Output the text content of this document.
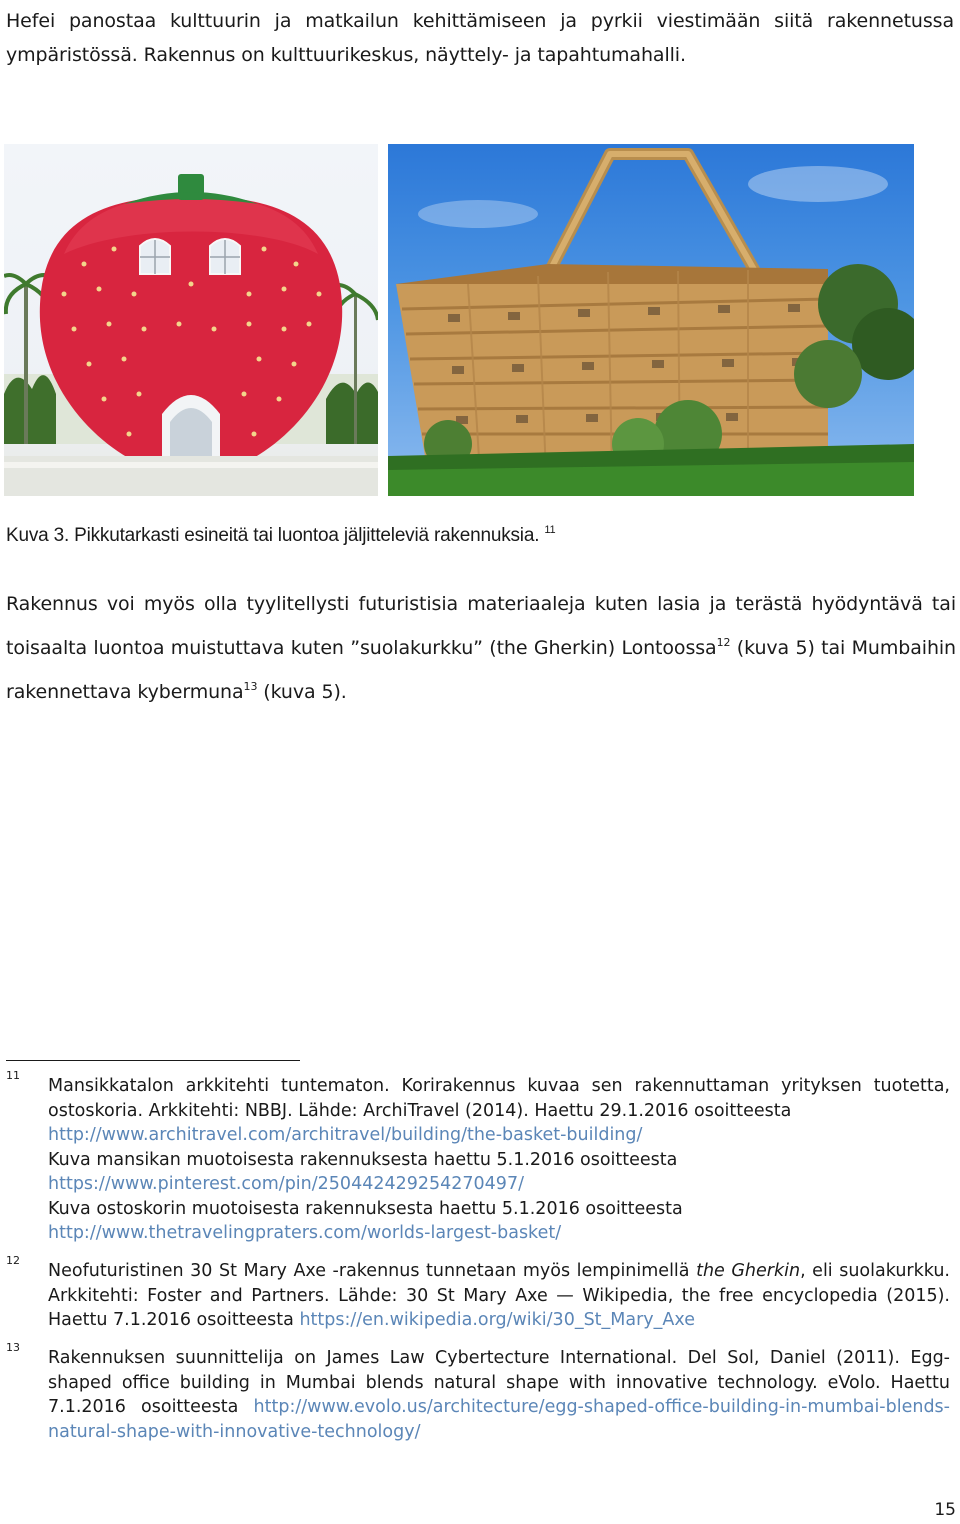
Hefei panostaa kulttuurin ja matkailun kehittämiseen ja pyrkii viestimään siitä rakennetussa ympäristössä. Rakennus on kulttuurikeskus, näyttely- ja tapahtumahalli.
Kuva 3. Pikkutarkasti esineitä tai luontoa jäljitteleviä rakennuksia. $^{11}$
Rakennus voi myös olla tyylitellysti futuristisia materiaaleja kuten lasia ja terästä hyödyntävä tai toisaalta luontoa muistuttava kuten ”suolakurkku” (the Gherkin) Lontoossa$^{12}$ (kuva 5) tai Mumbaihin rakennettava kybermuna$^{13}$ (kuva 5).
11
Mansikkatalon arkkitehti tuntematon. Korirakennus kuvaa sen rakennuttaman yrityksen tuotetta, ostoskoria. Arkkitehti: NBBJ. Lähde: ArchiTravel (2014). Haettu 29.1.2016 osoitteesta
http://www.architravel.com/architravel/building/the-basket-building/
Kuva mansikan muotoisesta rakennuksesta haettu 5.1.2016 osoitteesta
https://www.pinterest.com/pin/250442429254270497/
Kuva ostoskorin muotoisesta rakennuksesta haettu 5.1.2016 osoitteesta
http://www.thetravelingpraters.com/worlds-largest-basket/
12
Neofuturistinen 30 St Mary Axe -rakennus tunnetaan myös lempinimellä the Gherkin, eli suolakurkku. Arkkitehti: Foster and Partners. Lähde: 30 St Mary Axe — Wikipedia, the free encyclopedia (2015). Haettu 7.1.2016 osoitteesta https://en.wikipedia.org/wiki/30_St_Mary_Axe
13
Rakennuksen suunnittelija on James Law Cybertecture International. Del Sol, Daniel (2011). Egg-shaped office building in Mumbai blends natural shape with innovative technology. eVolo. Haettu 7.1.2016 osoitteesta http://www.evolo.us/architecture/egg-shaped-office-building-in-mumbai-blends-natural-shape-with-innovative-technology/
15
